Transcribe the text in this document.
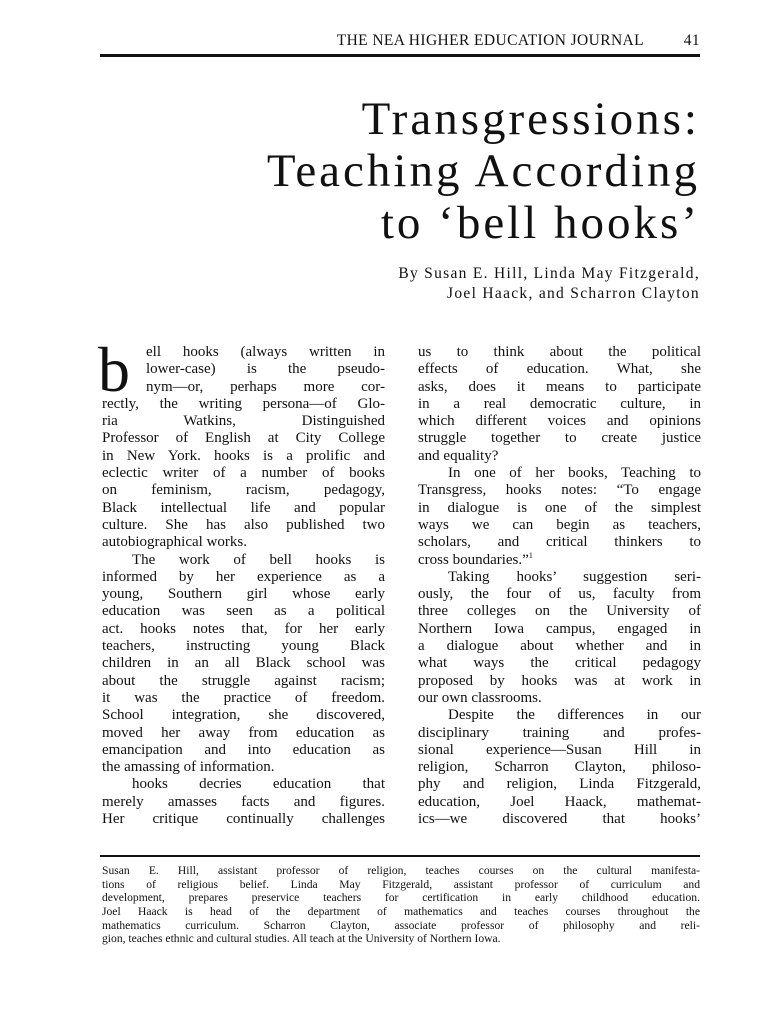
THE NEA HIGHER EDUCATION JOURNAL	41
Transgressions:
Teaching According
to ‘bell hooks’
By Susan E. Hill, Linda May Fitzgerald,
Joel Haack, and Scharron Clayton
b	ell hooks (always written in
lower-case) is the pseudo-
nym—or, perhaps more cor-
rectly, the writing persona—of Glo-
ria Watkins, Distinguished
Professor of English at City College
in New York. hooks is a prolific and
eclectic writer of a number of books
on feminism, racism, pedagogy,
Black intellectual life and popular
culture. She has also published two
autobiographical works.
The work of bell hooks is
informed by her experience as a
young, Southern girl whose early
education was seen as a political
act. hooks notes that, for her early
teachers, instructing young Black
children in an all Black school was
about the struggle against racism;
it was the practice of freedom.
School integration, she discovered,
moved her away from education as
emancipation and into education as
the amassing of information.
hooks decries education that
merely amasses facts and figures.
Her critique continually challenges
us to think about the political
effects of education. What, she
asks, does it means to participate
in a real democratic culture, in
which different voices and opinions
struggle together to create justice
and equality?
In one of her books, Teaching to
Transgress, hooks notes: “To engage
in dialogue is one of the simplest
ways we can begin as teachers,
scholars, and critical thinkers to
cross boundaries.”$^1$
Taking hooks’ suggestion seri-
ously, the four of us, faculty from
three colleges on the University of
Northern Iowa campus, engaged in
a dialogue about whether and in
what ways the critical pedagogy
proposed by hooks was at work in
our own classrooms.
Despite the differences in our
disciplinary training and profes-
sional experience—Susan Hill in
religion, Scharron Clayton, philoso-
phy and religion, Linda Fitzgerald,
education, Joel Haack, mathemat-
ics—we discovered that hooks’
Susan E. Hill, assistant professor of religion, teaches courses on the cultural manifesta-
tions of religious belief. Linda May Fitzgerald, assistant professor of curriculum and
development, prepares preservice teachers for certification in early childhood education.
Joel Haack is head of the department of mathematics and teaches courses throughout the
mathematics curriculum. Scharron Clayton, associate professor of philosophy and reli-
gion, teaches ethnic and cultural studies. All teach at the University of Northern Iowa.
